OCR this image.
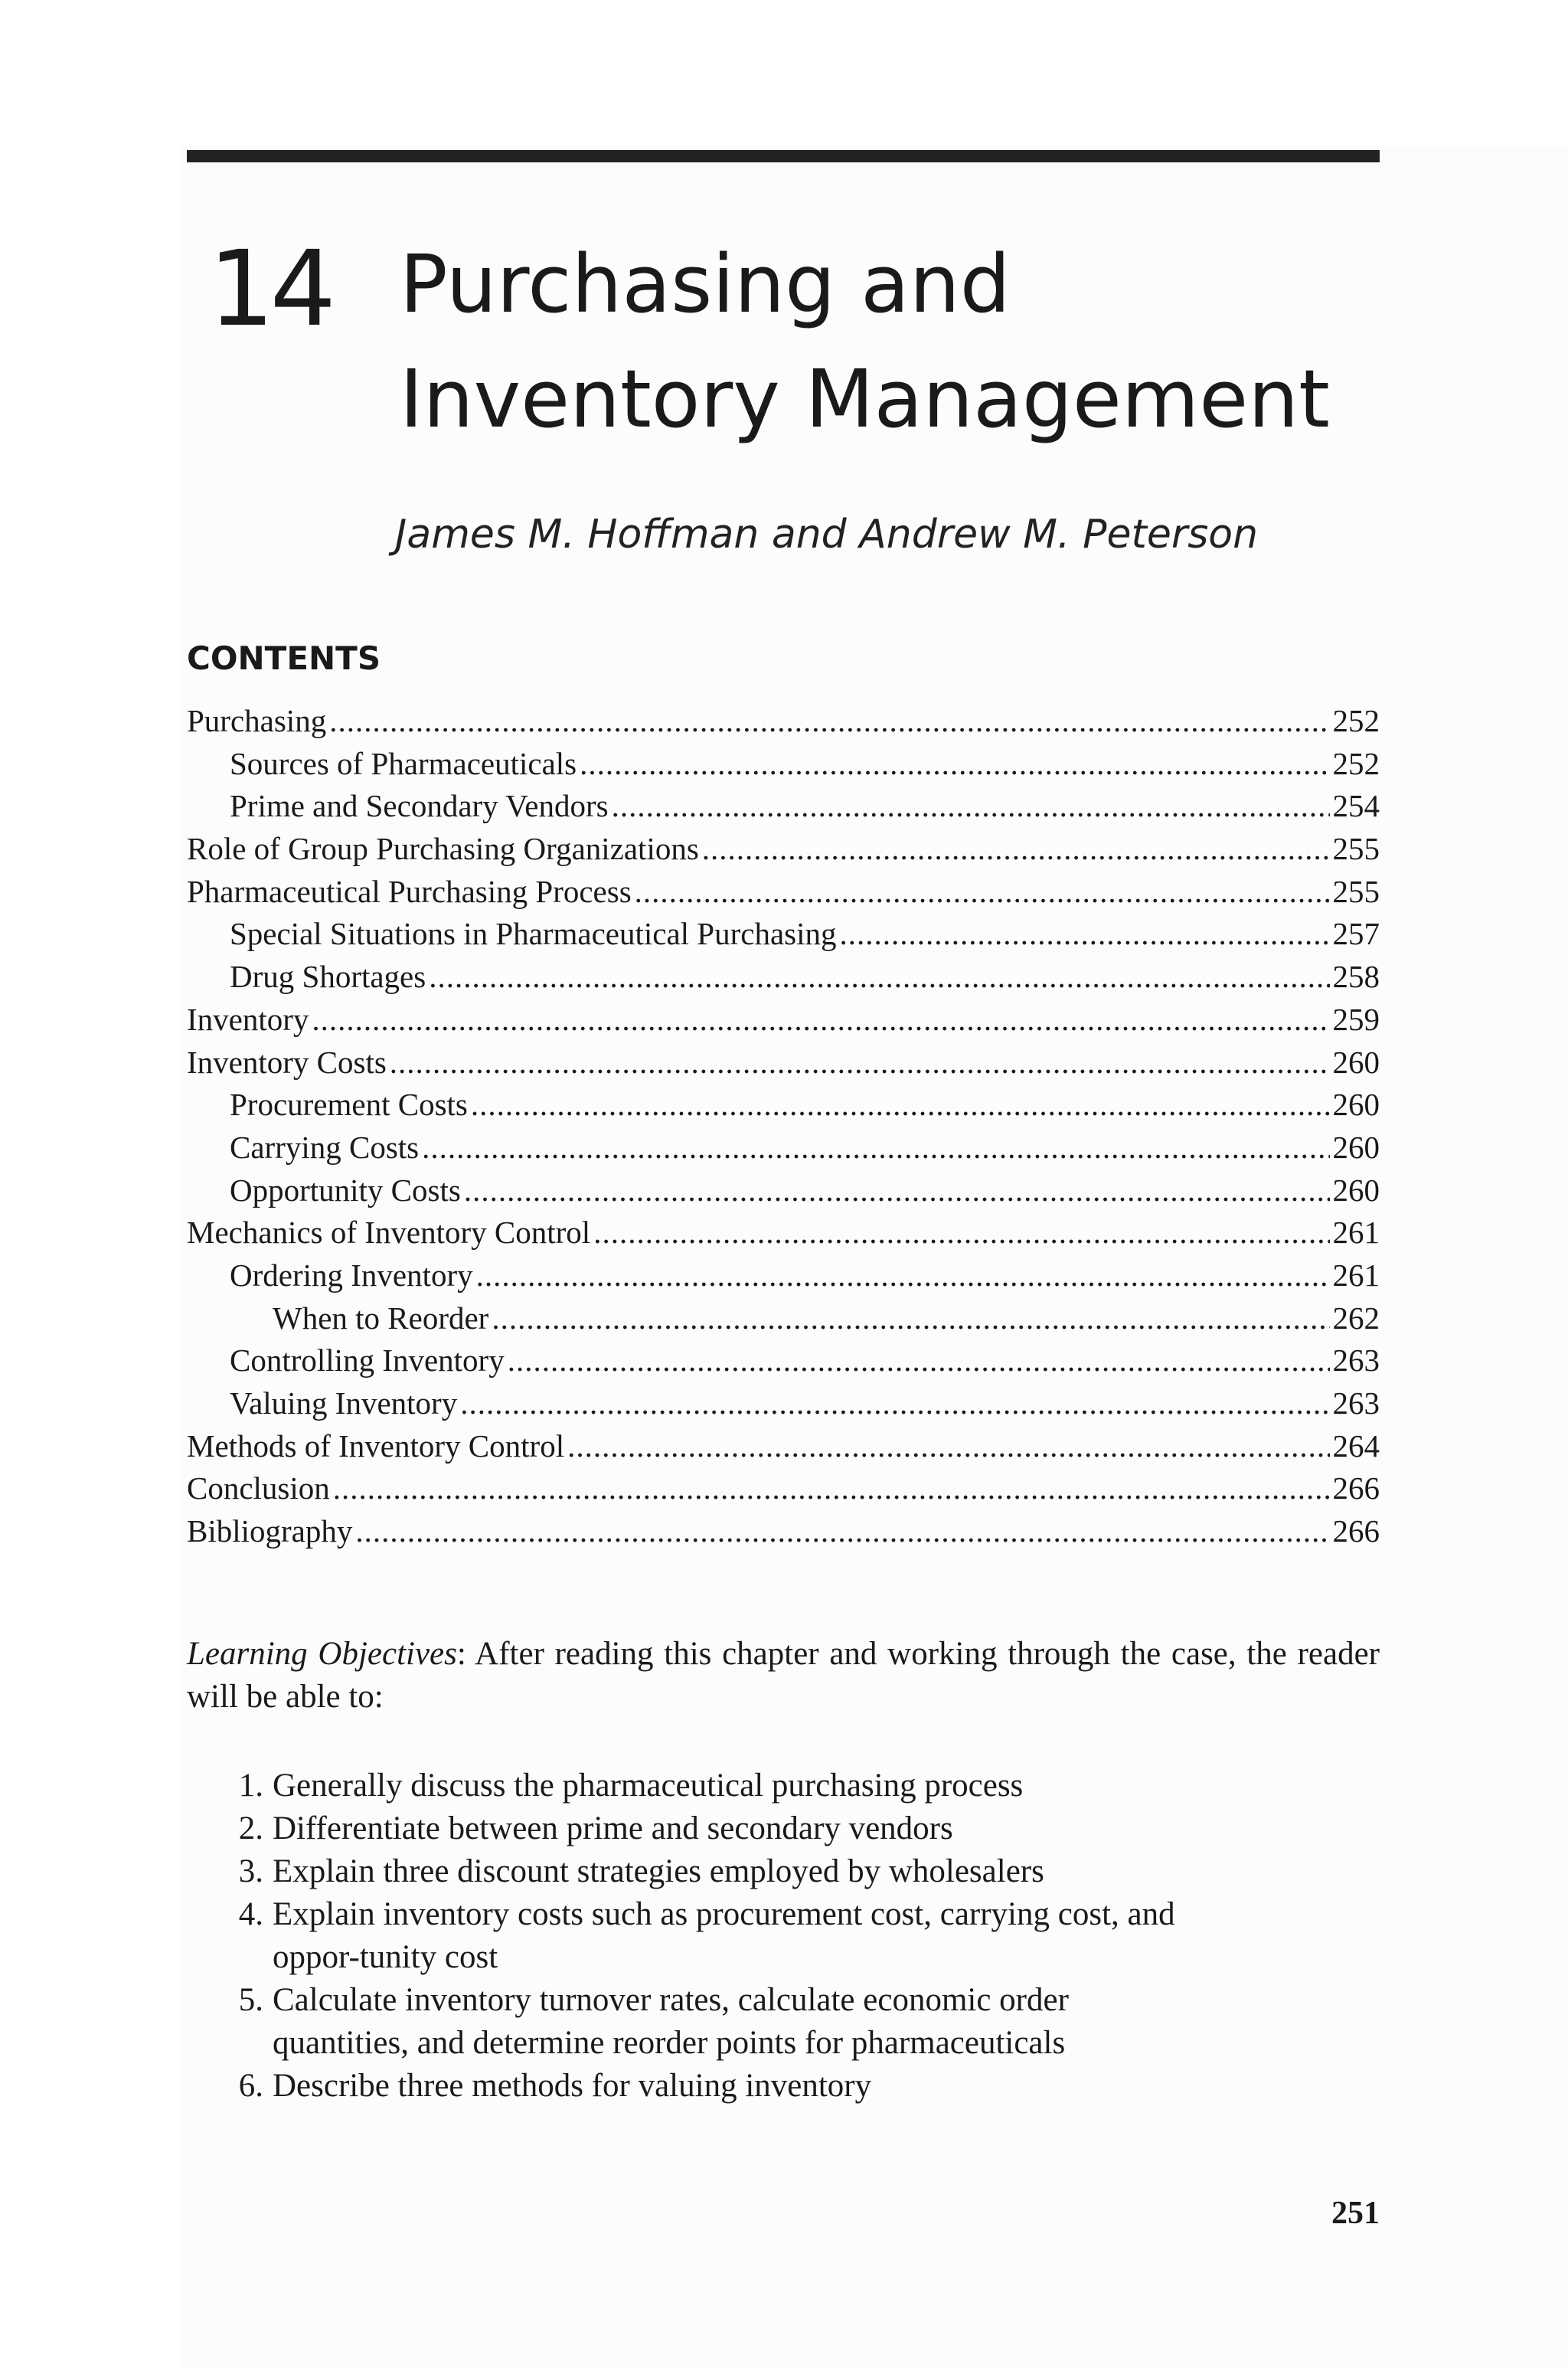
14 Purchasing and
Inventory Management
James M. Hoffman and Andrew M. Peterson
CONTENTS
Purchasing .....	252
Sources of Pharmaceuticals .....	252
Prime and Secondary Vendors .....	254
Role of Group Purchasing Organizations .....	255
Pharmaceutical Purchasing Process .....	255
Special Situations in Pharmaceutical Purchasing .....	257
Drug Shortages .....	258
Inventory .....	259
Inventory Costs .....	260
Procurement Costs .....	260
Carrying Costs .....	260
Opportunity Costs .....	260
Mechanics of Inventory Control .....	261
Ordering Inventory .....	261
When to Reorder .....	262
Controlling Inventory .....	263
Valuing Inventory .....	263
Methods of Inventory Control .....	264
Conclusion .....	266
Bibliography .....	266
Learning Objectives: After reading this chapter and working through the case, the reader will be able to:
1. Generally discuss the pharmaceutical purchasing process
2. Differentiate between prime and secondary vendors
3. Explain three discount strategies employed by wholesalers
4. Explain inventory costs such as procurement cost, carrying cost, and oppor-tunity cost
5. Calculate inventory turnover rates, calculate economic order quantities, and determine reorder points for pharmaceuticals
6. Describe three methods for valuing inventory
251
